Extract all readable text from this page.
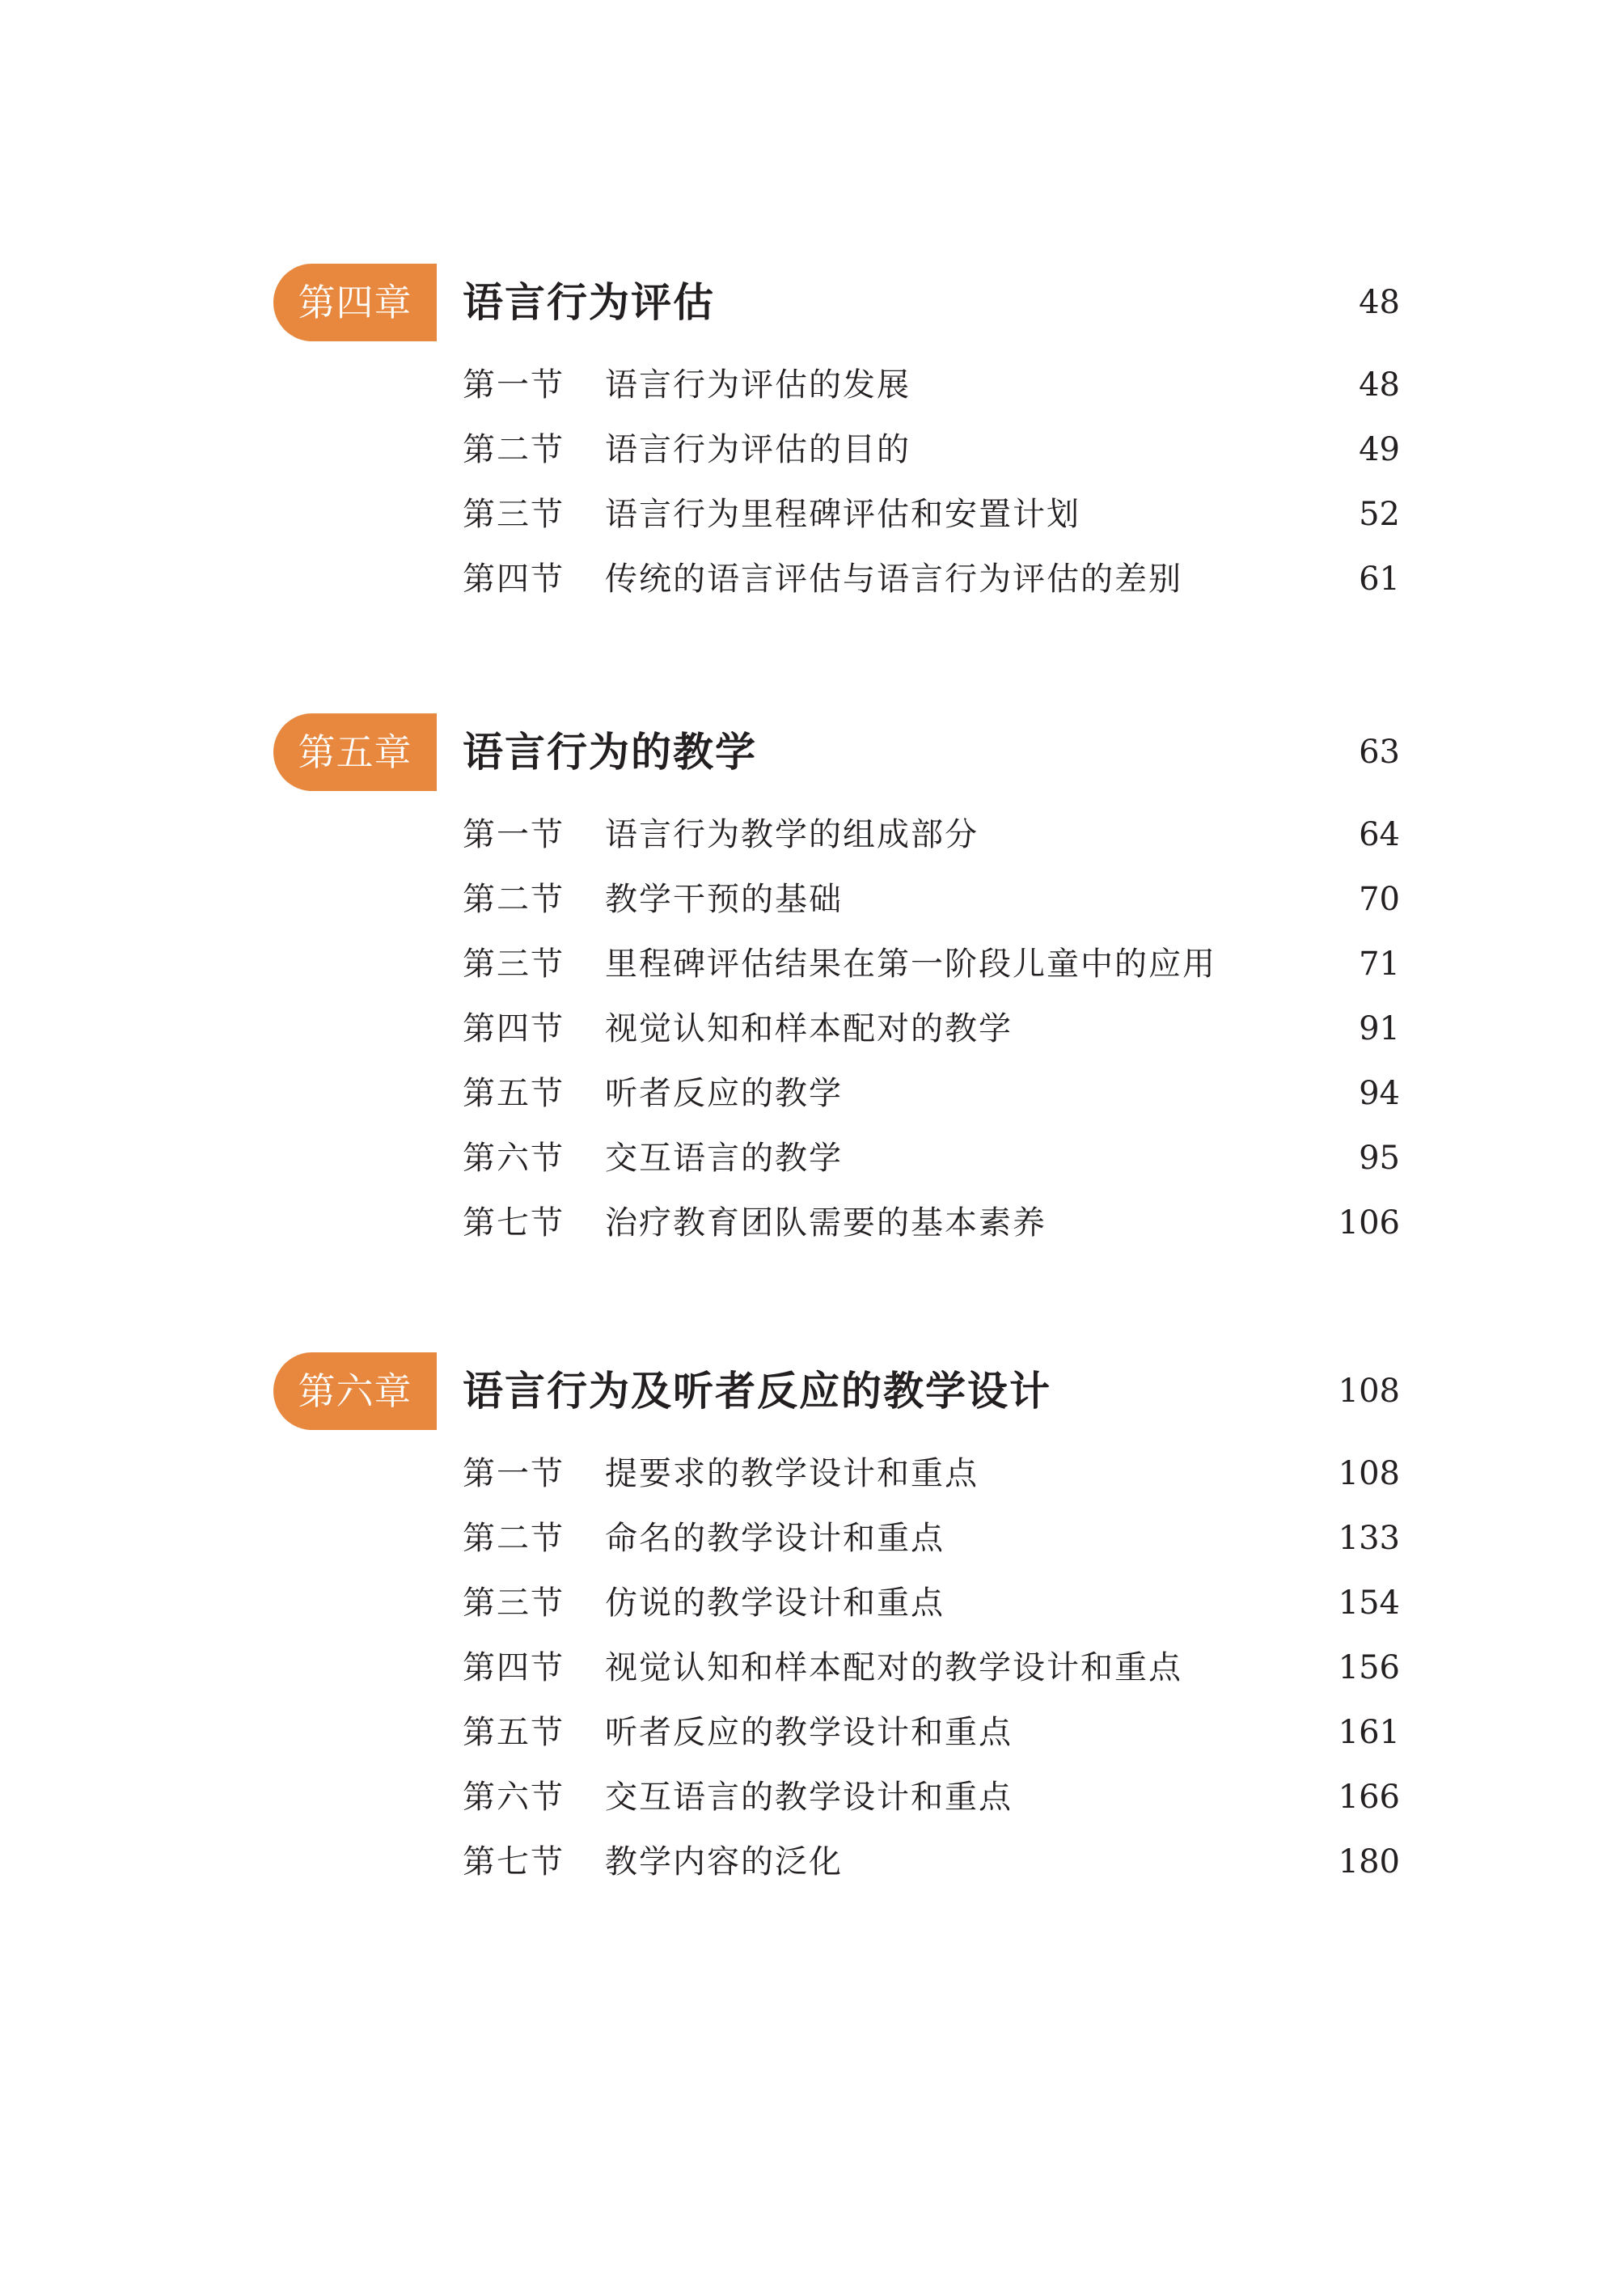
第四章	语言行为评估	48
第一节 语言行为评估的发展	48
第二节 语言行为评估的目的	49
第三节 语言行为里程碑评估和安置计划	52
第四节 传统的语言评估与语言行为评估的差别	61
第五章	语言行为的教学	63
第一节 语言行为教学的组成部分	64
第二节 教学干预的基础	70
第三节 里程碑评估结果在第一阶段儿童中的应用	71
第四节 视觉认知和样本配对的教学	91
第五节 听者反应的教学	94
第六节 交互语言的教学	95
第七节 治疗教育团队需要的基本素养	106
第六章	语言行为及听者反应的教学设计	108
第一节 提要求的教学设计和重点	108
第二节 命名的教学设计和重点	133
第三节 仿说的教学设计和重点	154
第四节 视觉认知和样本配对的教学设计和重点	156
第五节 听者反应的教学设计和重点	161
第六节 交互语言的教学设计和重点	166
第七节 教学内容的泛化	180
